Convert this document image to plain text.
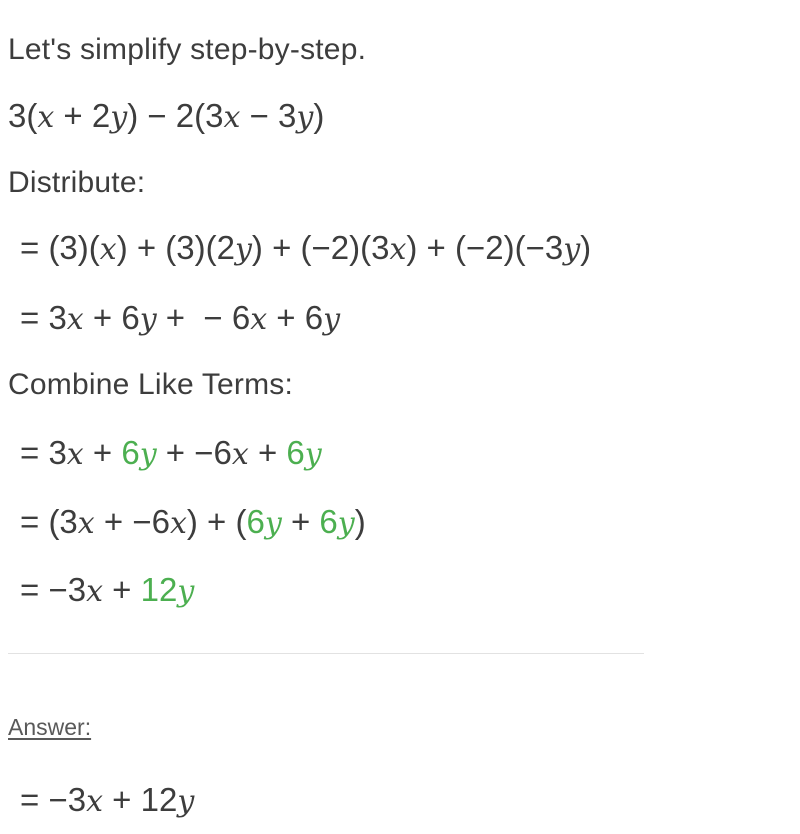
Let's simplify step-by-step.
3(x + 2y) − 2(3x − 3y)
Distribute:
= (3)(x) + (3)(2y) + (−2)(3x) + (−2)(−3y)
= 3x + 6y +  − 6x + 6y
Combine Like Terms:
= 3x + 6y + −6x + 6y
= (3x + −6x) + (6y + 6y)
= −3x + 12y
Answer:
= −3x + 12y
